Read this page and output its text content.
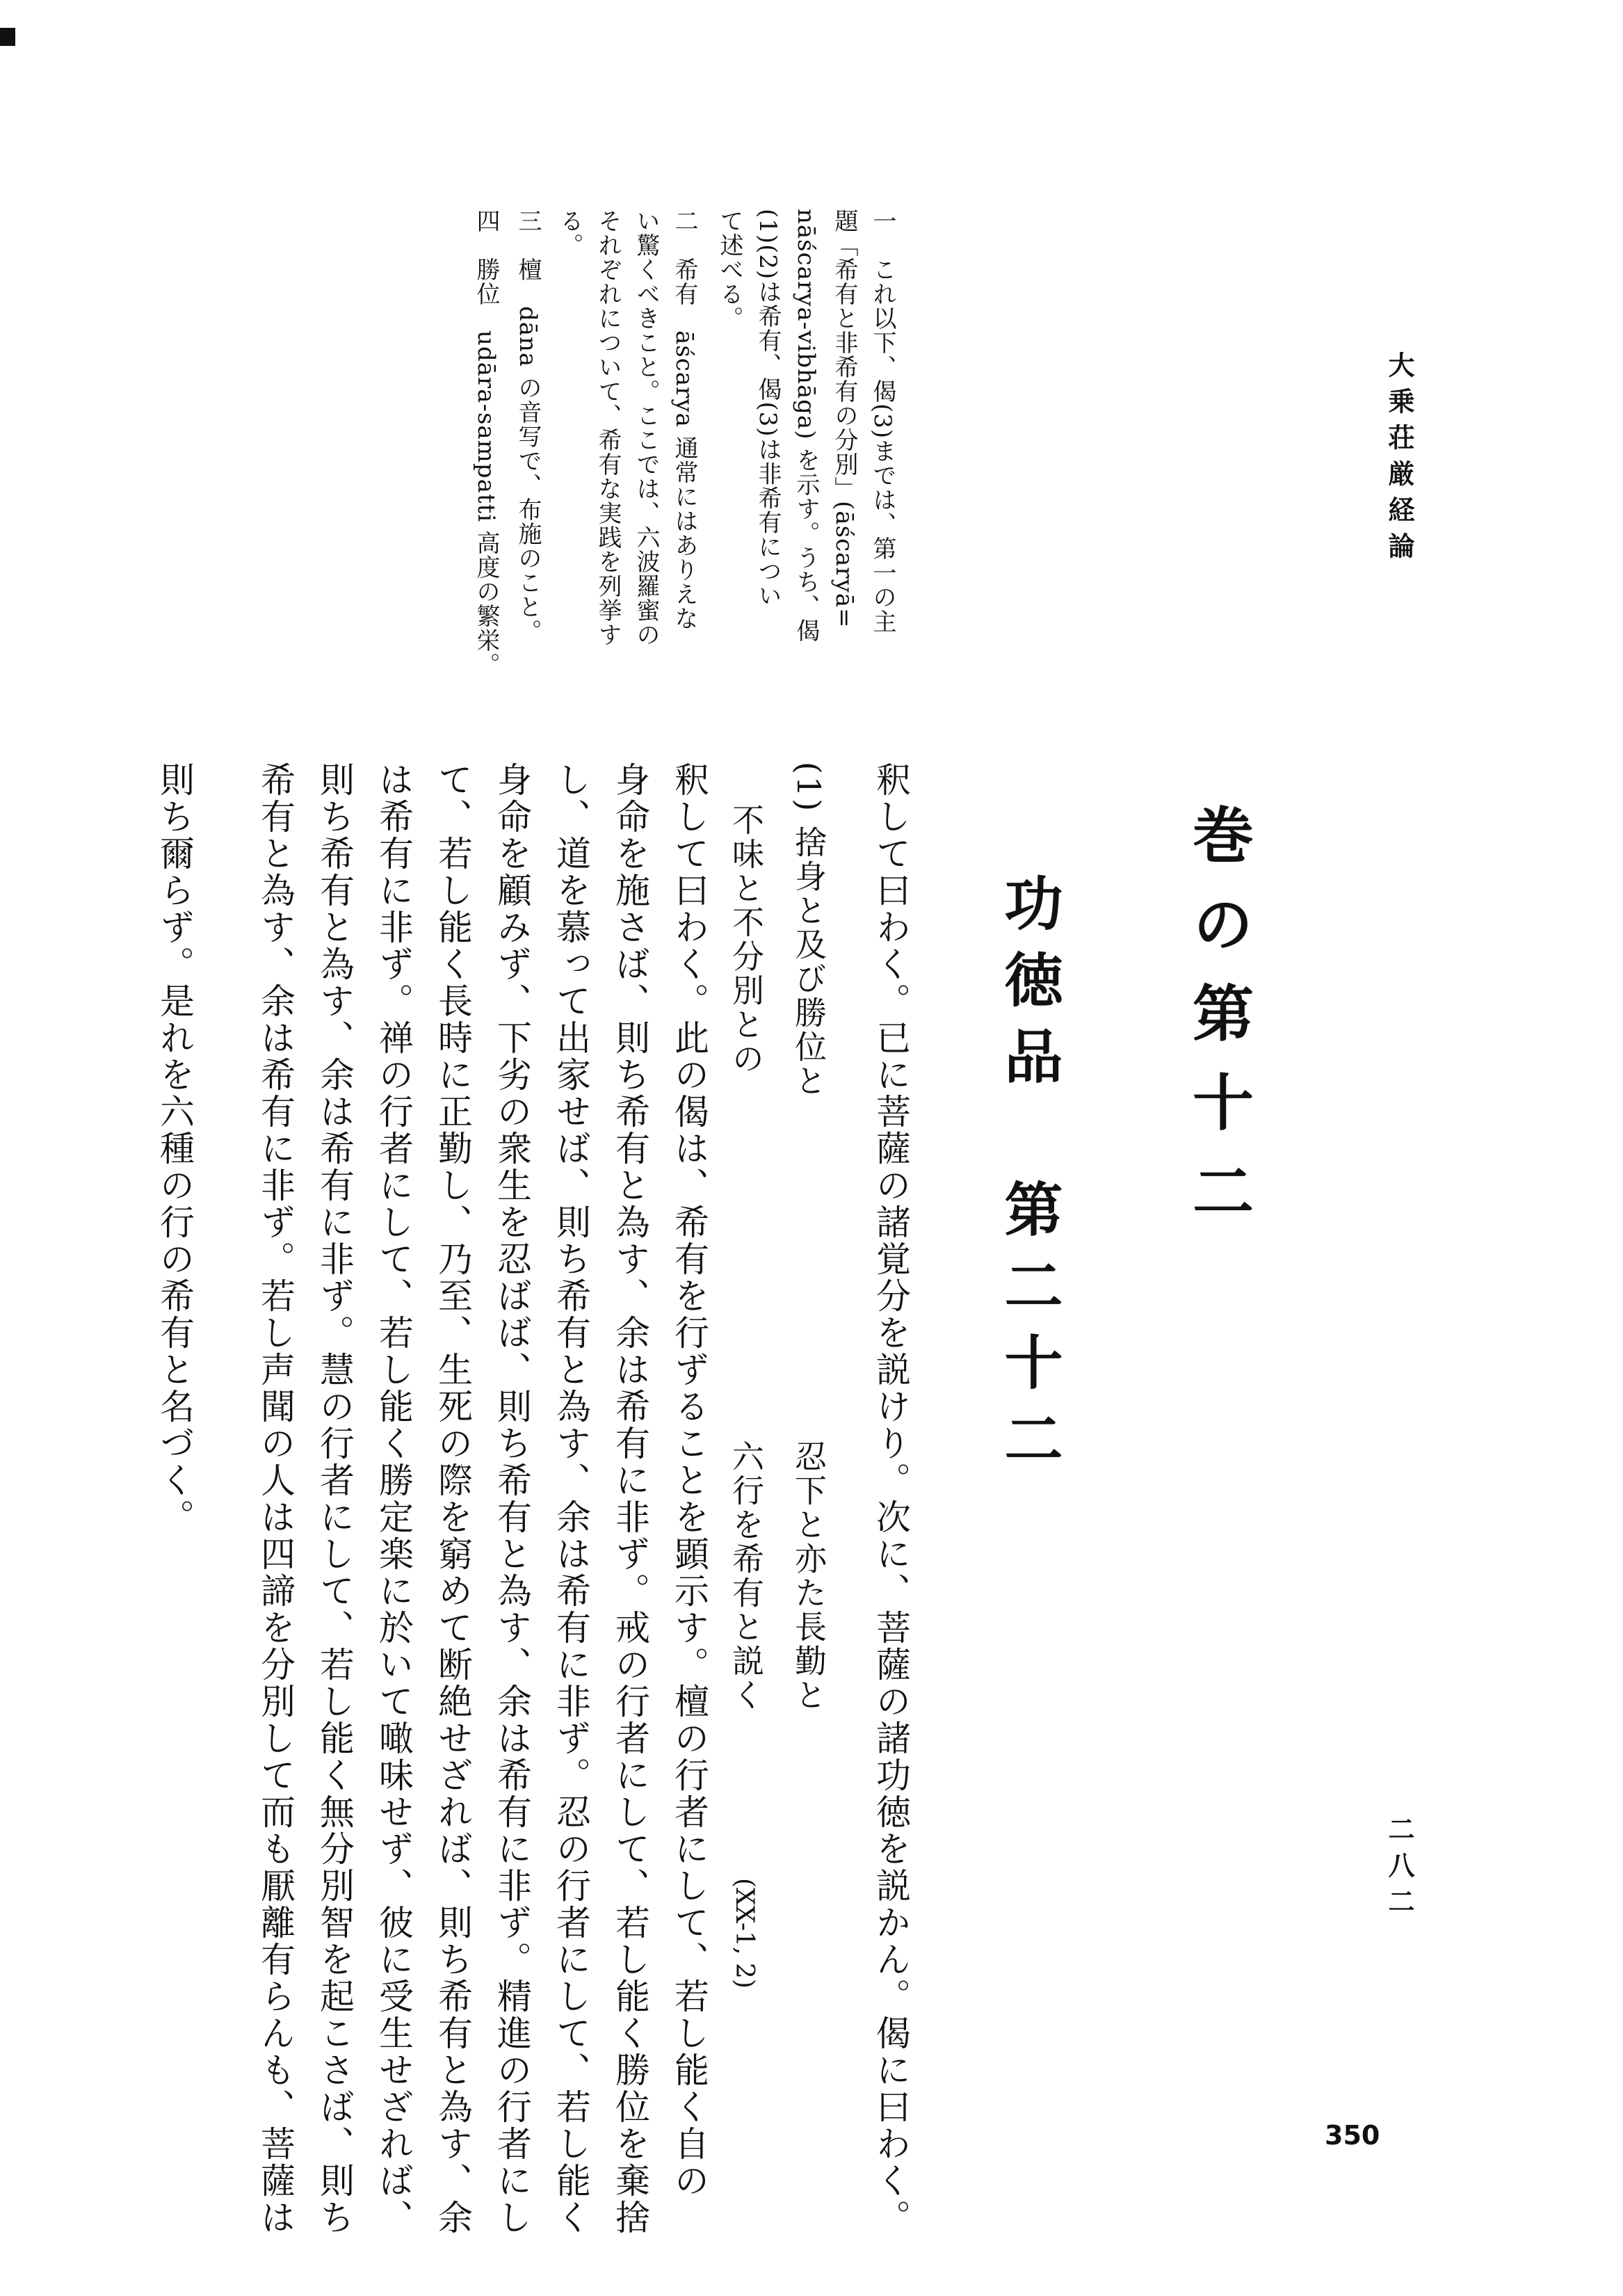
大乗荘厳経論
二八二
350
巻の第十二
功徳品　第二十二
釈して曰わく。已に菩薩の諸覚分を説けり。次に、菩薩の諸功徳を説かん。偈に曰わく。
(1) 捨身と及び勝位と
忍下と亦た長勤と
不味と不分別との
六行を希有と説く
(XX-1, 2)
釈して曰わく。此の偈は、希有を行ずることを顕示す。檀の行者にして、若し能く自の
身命を施さば、則ち希有と為す、余は希有に非ず。戒の行者にして、若し能く勝位を棄捨
し、道を慕って出家せば、則ち希有と為す、余は希有に非ず。忍の行者にして、若し能く
身命を顧みず、下劣の衆生を忍ばば、則ち希有と為す、余は希有に非ず。精進の行者にし
て、若し能く長時に正勤し、乃至、生死の際を窮めて断絶せざれば、則ち希有と為す、余
は希有に非ず。禅の行者にして、若し能く勝定楽に於いて噉味せず、彼に受生せざれば、
則ち希有と為す、余は希有に非ず。慧の行者にして、若し能く無分別智を起こさば、則ち
希有と為す、余は希有に非ず。若し声聞の人は四諦を分別して而も厭離有らんも、菩薩は
則ち爾らず。是れを六種の行の希有と名づく。
一　これ以下、偈(3)までは、第一の主
題「希有と非希有の分別」(āścaryā=
nāścarya-vibhāga) を示す。うち、偈
(1)(2)は希有、偈(3)は非希有につい
て述べる。
二　希有　āścarya 通常にはありえな
い驚くべきこと。ここでは、六波羅蜜の
それぞれについて、希有な実践を列挙す
る。
三　檀　dāna の音写で、布施のこと。
四　勝位　udāra-sampatti 高度の繁栄。
